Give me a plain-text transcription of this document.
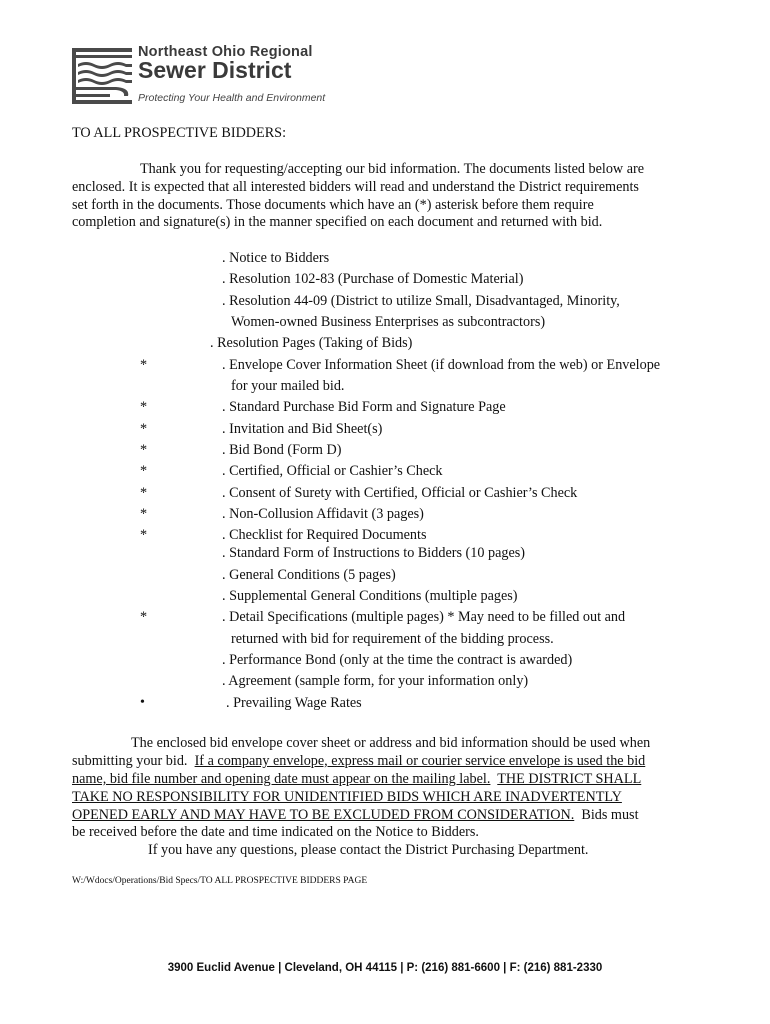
Northeast Ohio Regional
Sewer District
Protecting Your Health and Environment
TO ALL PROSPECTIVE BIDDERS:
Thank you for requesting/accepting our bid information. The documents listed below are
enclosed. It is expected that all interested bidders will read and understand the District requirements
set forth in the documents. Those documents which have an (*) asterisk before them require
completion and signature(s) in the manner specified on each document and returned with bid.
. Notice to Bidders
. Resolution 102-83 (Purchase of Domestic Material)
. Resolution 44-09 (District to utilize Small, Disadvantaged, Minority,
Women-owned Business Enterprises as subcontractors)
. Resolution Pages (Taking of Bids)
*	. Envelope Cover Information Sheet (if download from the web) or Envelope
for your mailed bid.
*	. Standard Purchase Bid Form and Signature Page
*	. Invitation and Bid Sheet(s)
*	. Bid Bond (Form D)
*	. Certified, Official or Cashier’s Check
*	. Consent of Surety with Certified, Official or Cashier’s Check
*	. Non-Collusion Affidavit (3 pages)
*	. Checklist for Required Documents
. Standard Form of Instructions to Bidders (10 pages)
. General Conditions (5 pages)
. Supplemental General Conditions (multiple pages)
*	. Detail Specifications (multiple pages) * May need to be filled out and
returned with bid for requirement of the bidding process.
. Performance Bond (only at the time the contract is awarded)
. Agreement (sample form, for your information only)
•	. Prevailing Wage Rates
The enclosed bid envelope cover sheet or address and bid information should be used when
submitting your bid.  If a company envelope, express mail or courier service envelope is used the bid
name, bid file number and opening date must appear on the mailing label. THE DISTRICT SHALL
TAKE NO RESPONSIBILITY FOR UNIDENTIFIED BIDS WHICH ARE INADVERTENTLY
OPENED EARLY AND MAY HAVE TO BE EXCLUDED FROM CONSIDERATION.  Bids must
be received before the date and time indicated on the Notice to Bidders.
If you have any questions, please contact the District Purchasing Department.
W:/Wdocs/Operations/Bid Specs/TO ALL PROSPECTIVE BIDDERS PAGE
3900 Euclid Avenue | Cleveland, OH 44115 | P: (216) 881-6600 | F: (216) 881-2330
